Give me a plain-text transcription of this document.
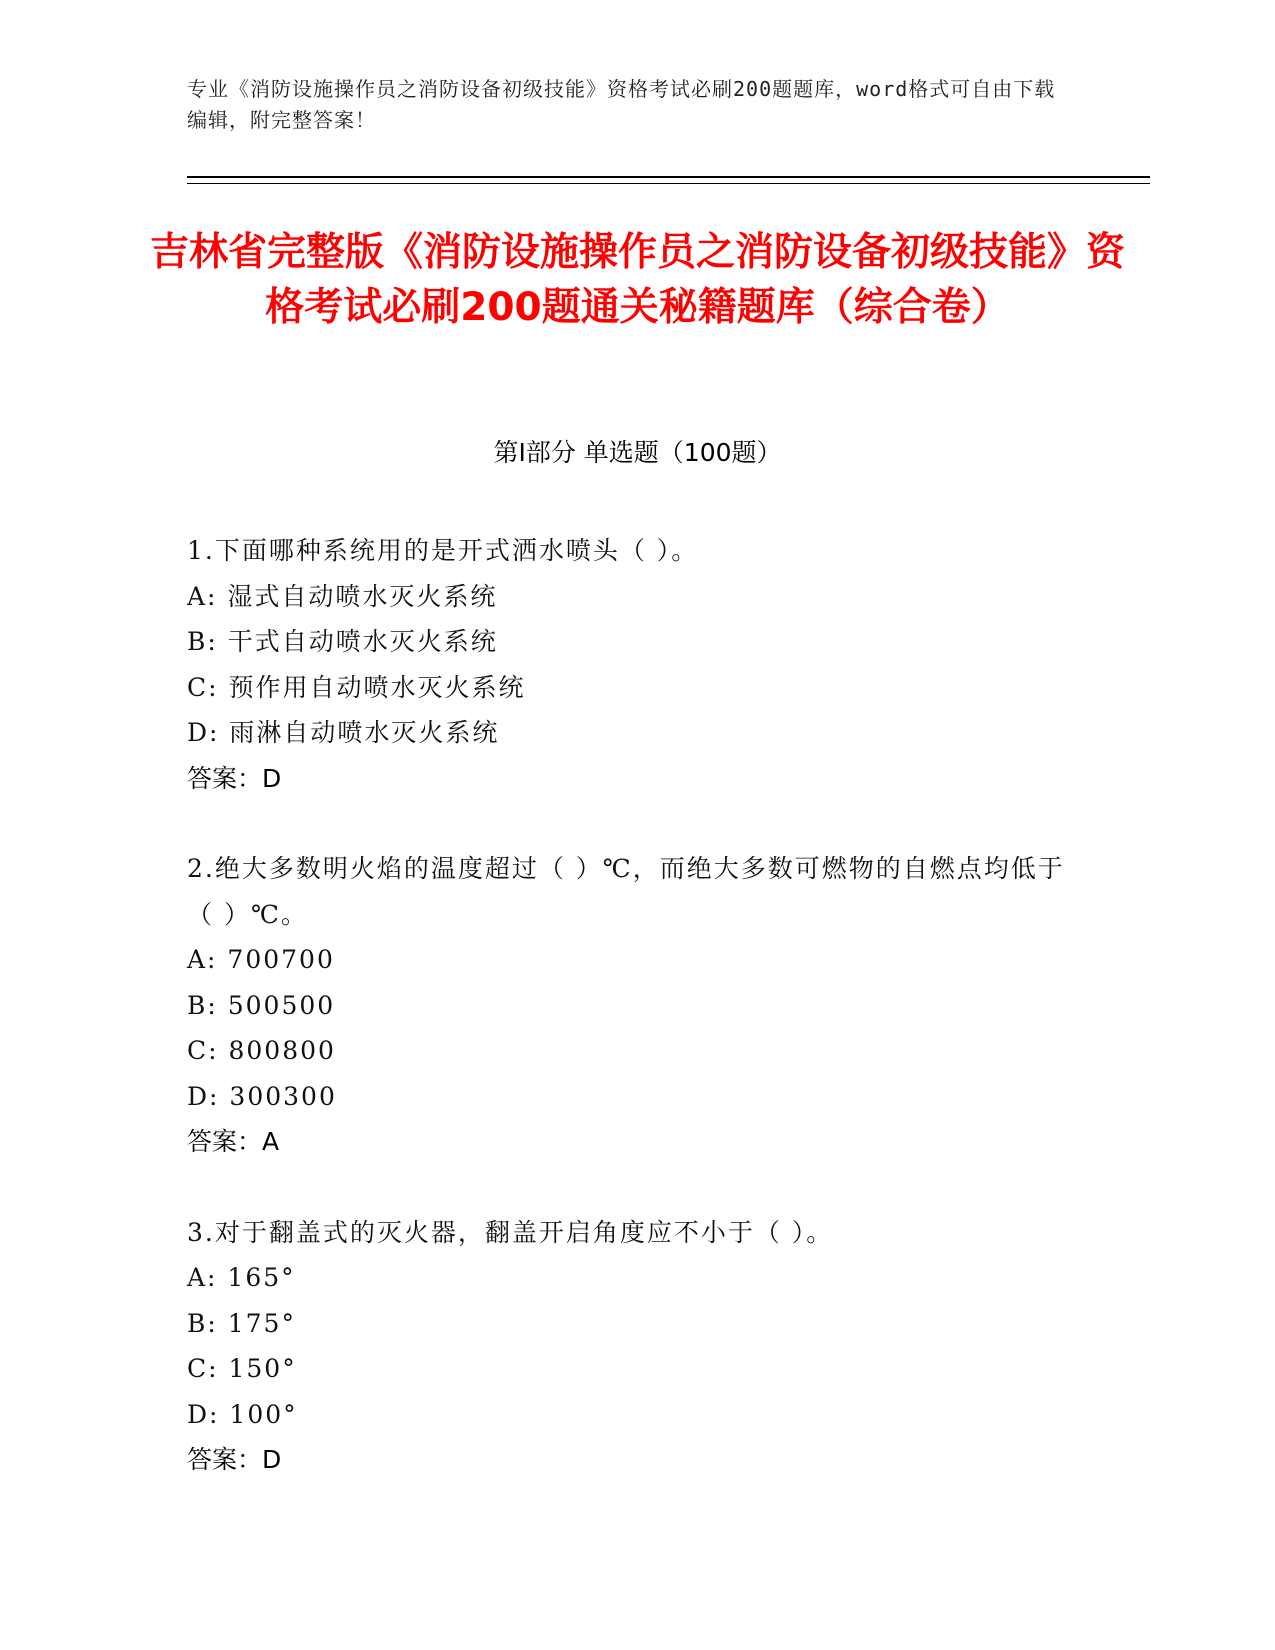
专业《消防设施操作员之消防设备初级技能》资格考试必刷200题题库，word格式可自由下载编辑，附完整答案！
吉林省完整版《消防设施操作员之消防设备初级技能》资格考试必刷200题通关秘籍题库（综合卷）
第Ⅰ部分 单选题（100题）

1.下面哪种系统用的是开式洒水喷头（ ）。

A: 湿式自动喷水灭火系统

B: 干式自动喷水灭火系统

C: 预作用自动喷水灭火系统

D: 雨淋自动喷水灭火系统

答案：D

2.绝大多数明火焰的温度超过（ ）℃，而绝大多数可燃物的自燃点均低于（ ）℃。

A: 700700

B: 500500

C: 800800

D: 300300

答案：A

3.对于翻盖式的灭火器，翻盖开启角度应不小于（ ）。

A: 165°

B: 175°

C: 150°

D: 100°

答案：D
